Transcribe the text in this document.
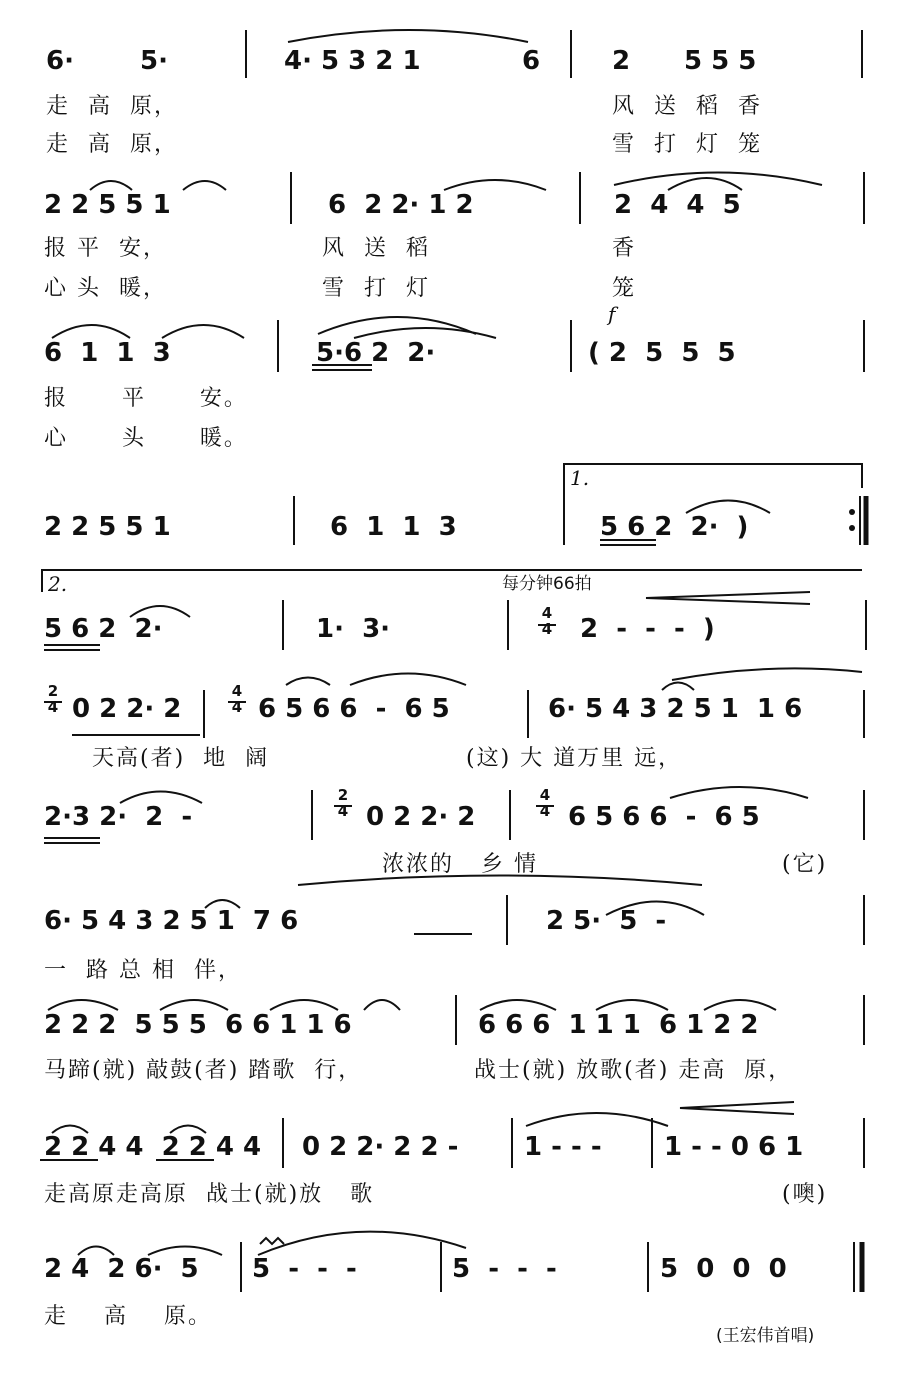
6·	5·	4· 5 3 2 1	6	2 5 5 5
走  高  原，	风  送  稻  香
走  高  原，	雪  打  灯  笼
2 2 5 5 1	6  2 2· 1 2	2  4  4  5
报 平  安，	风  送  稻	香
心 头  暖，	雪  打  灯	笼
6  1  1  3	5·6 2  2·	( 2  5  5  5
f
报      平      安。
心      头      暖。
1.
2 2 5 5 1	6  1  1  3	5 6 2  2·  )
2.	每分钟66拍
5 6 2  2·	1·  3·
4
4 2  -  -  -  )
2
4 0 2 2· 2
4
4 6 5 6 6  -  6 5	6· 5 4 3 2 5 1  1 6
天高(者)  地  阔	(这) 大 道万里 远，
2·3 2·  2  -
2
4 0 2 2· 2
4
4 6 5 6 6  -  6 5
浓浓的   乡 情	(它)
6· 5 4 3 2 5 1  7 6	2 5·  5  -
一  路 总 相  伴，
2 2 2  5 5 5  6 6 1 1 6	6 6 6  1 1 1  6 1 2 2
马蹄(就) 敲鼓(者) 踏歌  行，	战士(就) 放歌(者) 走高  原，
2 2 4 4  2 2 4 4 0 2 2· 2 2 -	1 - - - 1 - - 0 6 1
走高原走高原  战士(就)放   歌	(噢)
2 4  2 6·  5 5  -  -  -	5  -  -  -	5  0  0  0
走    高    原。
(王宏伟首唱)
